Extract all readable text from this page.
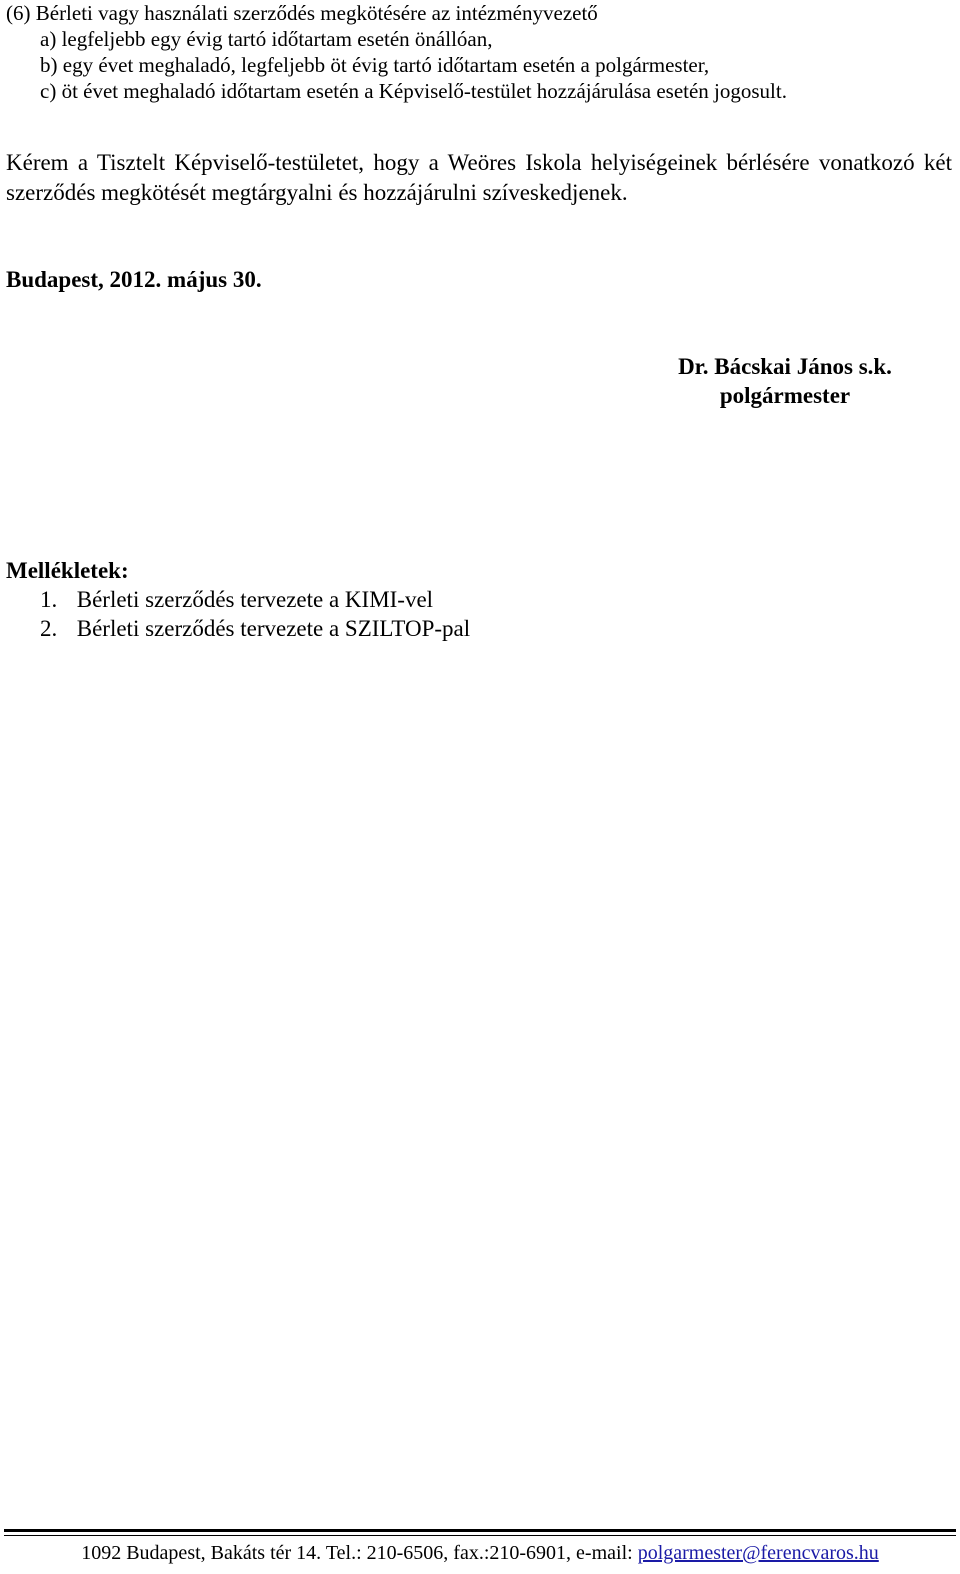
(6) Bérleti vagy használati szerződés megkötésére az intézményvezető
a) legfeljebb egy évig tartó időtartam esetén önállóan,
b) egy évet meghaladó, legfeljebb öt évig tartó időtartam esetén a polgármester,
c) öt évet meghaladó időtartam esetén a Képviselő-testület hozzájárulása esetén jogosult.
Kérem a Tisztelt Képviselő-testületet, hogy a Weöres Iskola helyiségeinek bérlésére vonatkozó két szerződés megkötését megtárgyalni és hozzájárulni szíveskedjenek.
Budapest, 2012. május 30.
Dr. Bácskai János s.k.
polgármester
Mellékletek:
1. Bérleti szerződés tervezete a KIMI-vel
2. Bérleti szerződés tervezete a SZILTOP-pal
1092 Budapest, Bakáts tér 14. Tel.: 210-6506, fax.:210-6901, e-mail: polgarmester@ferencvaros.hu
